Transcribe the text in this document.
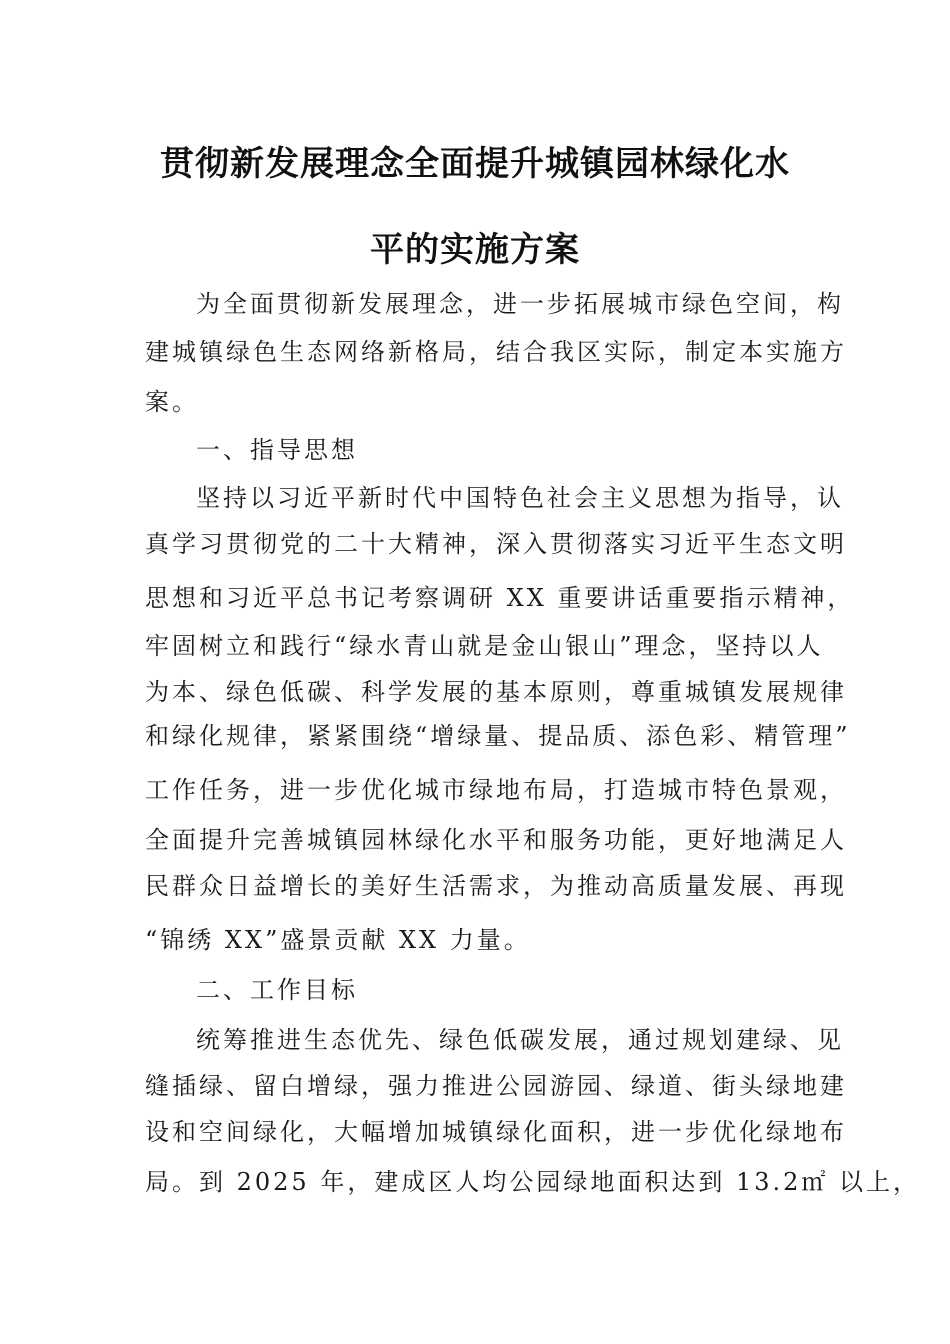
贯彻新发展理念全面提升城镇园林绿化水
平的实施方案
为全面贯彻新发展理念，进一步拓展城市绿色空间，构
建城镇绿色生态网络新格局，结合我区实际，制定本实施方
案。
一、指导思想
坚持以习近平新时代中国特色社会主义思想为指导，认
真学习贯彻党的二十大精神，深入贯彻落实习近平生态文明
思想和习近平总书记考察调研 XX 重要讲话重要指示精神，
牢固树立和践行“绿水青山就是金山银山”理念，坚持以人
为本、绿色低碳、科学发展的基本原则，尊重城镇发展规律
和绿化规律，紧紧围绕“增绿量、提品质、添色彩、精管理”
工作任务，进一步优化城市绿地布局，打造城市特色景观，
全面提升完善城镇园林绿化水平和服务功能，更好地满足人
民群众日益增长的美好生活需求，为推动高质量发展、再现
“锦绣 XX”盛景贡献 XX 力量。
二、工作目标
统筹推进生态优先、绿色低碳发展，通过规划建绿、见
缝插绿、留白增绿，强力推进公园游园、绿道、街头绿地建
设和空间绿化，大幅增加城镇绿化面积，进一步优化绿地布
局。到 2025 年，建成区人均公园绿地面积达到 13.2㎡ 以上，
